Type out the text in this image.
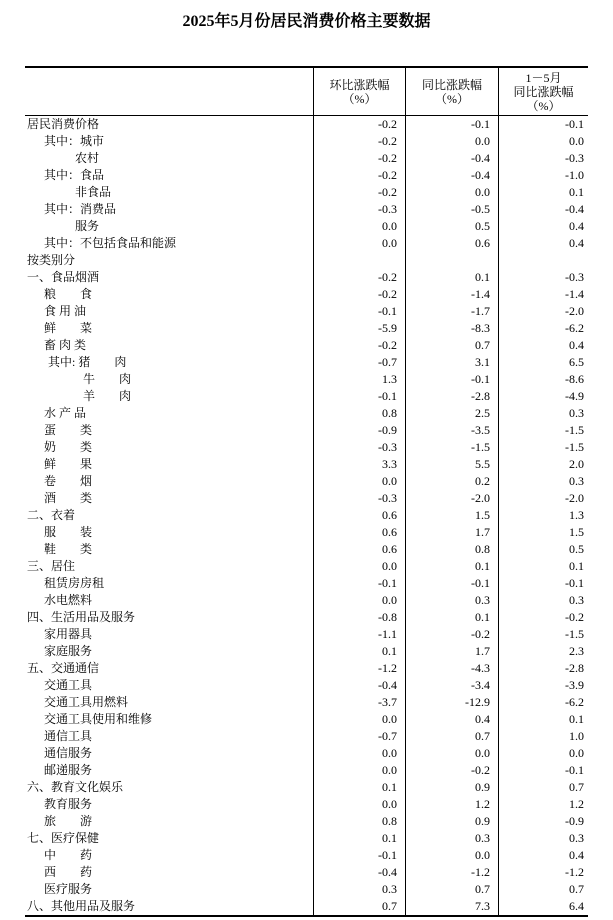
2025年5月份居民消费价格主要数据
环比涨跌幅
（%）
同比涨跌幅
（%）
1－5月
同比涨跌幅
（%）
居民消费价格	-0.2	-0.1	-0.1
其中：城市	-0.2	0.0	0.0
农村	-0.2	-0.4	-0.3
其中：食品	-0.2	-0.4	-1.0
非食品	-0.2	0.0	0.1
其中：消费品	-0.3	-0.5	-0.4
服务	0.0	0.5	0.4
其中：不包括食品和能源	0.0	0.6	0.4
按类别分
一、食品烟酒	-0.2	0.1	-0.3
粮　　食	-0.2	-1.4	-1.4
食 用 油	-0.1	-1.7	-2.0
鲜　　菜	-5.9	-8.3	-6.2
畜 肉 类	-0.2	0.7	0.4
其中: 猪　　肉	-0.7	3.1	6.5
牛　　肉	1.3	-0.1	-8.6
羊　　肉	-0.1	-2.8	-4.9
水 产 品	0.8	2.5	0.3
蛋　　类	-0.9	-3.5	-1.5
奶　　类	-0.3	-1.5	-1.5
鲜　　果	3.3	5.5	2.0
卷　　烟	0.0	0.2	0.3
酒　　类	-0.3	-2.0	-2.0
二、衣着	0.6	1.5	1.3
服　　装	0.6	1.7	1.5
鞋　　类	0.6	0.8	0.5
三、居住	0.0	0.1	0.1
租赁房房租	-0.1	-0.1	-0.1
水电燃料	0.0	0.3	0.3
四、生活用品及服务	-0.8	0.1	-0.2
家用器具	-1.1	-0.2	-1.5
家庭服务	0.1	1.7	2.3
五、交通通信	-1.2	-4.3	-2.8
交通工具	-0.4	-3.4	-3.9
交通工具用燃料	-3.7	-12.9	-6.2
交通工具使用和维修	0.0	0.4	0.1
通信工具	-0.7	0.7	1.0
通信服务	0.0	0.0	0.0
邮递服务	0.0	-0.2	-0.1
六、教育文化娱乐	0.1	0.9	0.7
教育服务	0.0	1.2	1.2
旅　　游	0.8	0.9	-0.9
七、医疗保健	0.1	0.3	0.3
中　　药	-0.1	0.0	0.4
西　　药	-0.4	-1.2	-1.2
医疗服务	0.3	0.7	0.7
八、其他用品及服务	0.7	7.3	6.4
